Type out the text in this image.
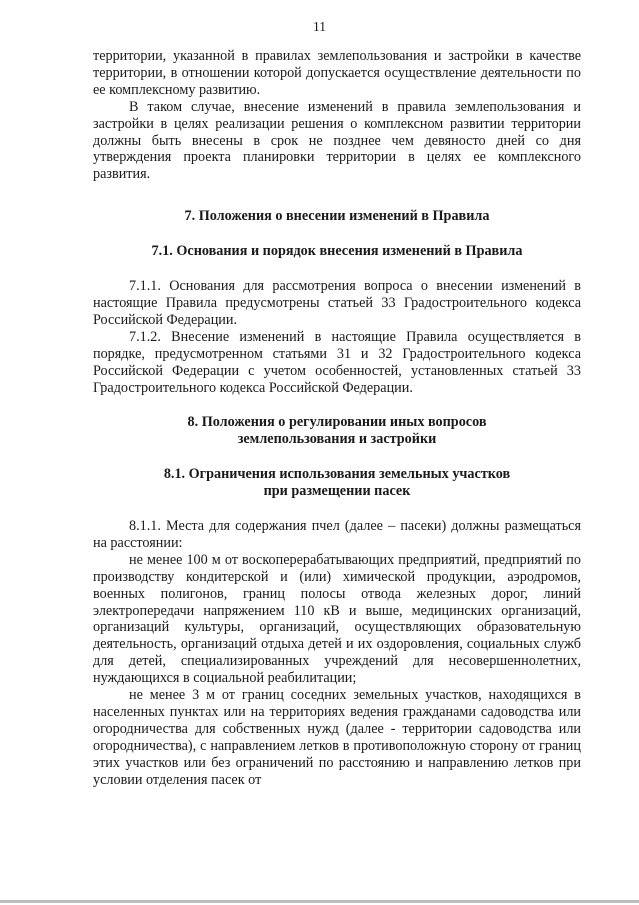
11

территории, указанной в правилах землепользования и застройки в качестве территории, в отношении которой допускается осуществление деятельности по ее комплексному развитию.

В таком случае, внесение изменений в правила землепользования и застройки в целях реализации решения о комплексном развитии территории должны быть внесены в срок не позднее чем девяносто дней со дня утверждения проекта планировки территории в целях ее комплексного развития.

7. Положения о внесении изменений в Правила

7.1. Основания и порядок внесения изменений в Правила

7.1.1. Основания для рассмотрения вопроса о внесении изменений в настоящие Правила предусмотрены статьей 33 Градостроительного кодекса Российской Федерации.

7.1.2. Внесение изменений в настоящие Правила осуществляется в порядке, предусмотренном статьями 31 и 32 Градостроительного кодекса Российской Федерации с учетом особенностей, установленных статьей 33 Градостроительного кодекса Российской Федерации.

8. Положения о регулировании иных вопросов
землепользования и застройки

8.1. Ограничения использования земельных участков
при размещении пасек

8.1.1. Места для содержания пчел (далее – пасеки) должны размещаться на расстоянии:

не менее 100 м от воскоперерабатывающих предприятий, предприятий по производству кондитерской и (или) химической продукции, аэродромов, военных полигонов, границ полосы отвода железных дорог, линий электропередачи напряжением 110 кВ и выше, медицинских организаций, организаций культуры, организаций, осуществляющих образовательную деятельность, организаций отдыха детей и их оздоровления, социальных служб для детей, специализированных учреждений для несовершеннолетних, нуждающихся в социальной реабилитации;

не менее 3 м от границ соседних земельных участков, находящихся в населенных пунктах или на территориях ведения гражданами садоводства или огородничества для собственных нужд (далее - территории садоводства или огородничества), с направлением летков в противоположную сторону от границ этих участков или без ограничений по расстоянию и направлению летков при условии отделения пасек от
